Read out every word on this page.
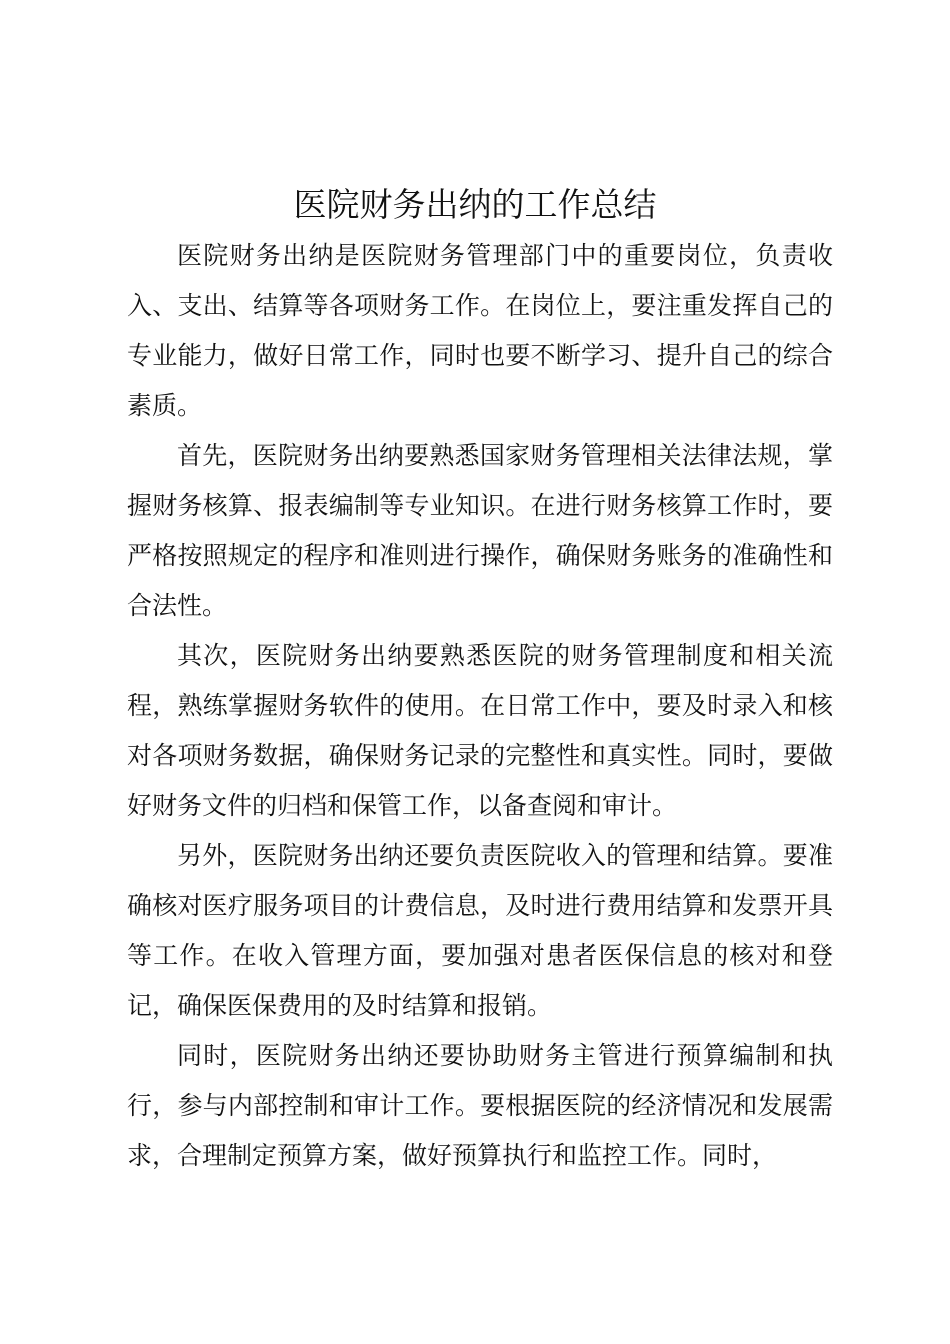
医院财务出纳的工作总结

医院财务出纳是医院财务管理部门中的重要岗位，负责收入、支出、结算等各项财务工作。在岗位上，要注重发挥自己的专业能力，做好日常工作，同时也要不断学习、提升自己的综合素质。

首先，医院财务出纳要熟悉国家财务管理相关法律法规，掌握财务核算、报表编制等专业知识。在进行财务核算工作时，要严格按照规定的程序和准则进行操作，确保财务账务的准确性和合法性。

其次，医院财务出纳要熟悉医院的财务管理制度和相关流程，熟练掌握财务软件的使用。在日常工作中，要及时录入和核对各项财务数据，确保财务记录的完整性和真实性。同时，要做好财务文件的归档和保管工作，以备查阅和审计。

另外，医院财务出纳还要负责医院收入的管理和结算。要准确核对医疗服务项目的计费信息，及时进行费用结算和发票开具等工作。在收入管理方面，要加强对患者医保信息的核对和登记，确保医保费用的及时结算和报销。

同时，医院财务出纳还要协助财务主管进行预算编制和执行，参与内部控制和审计工作。要根据医院的经济情况和发展需求，合理制定预算方案，做好预算执行和监控工作。同时，
